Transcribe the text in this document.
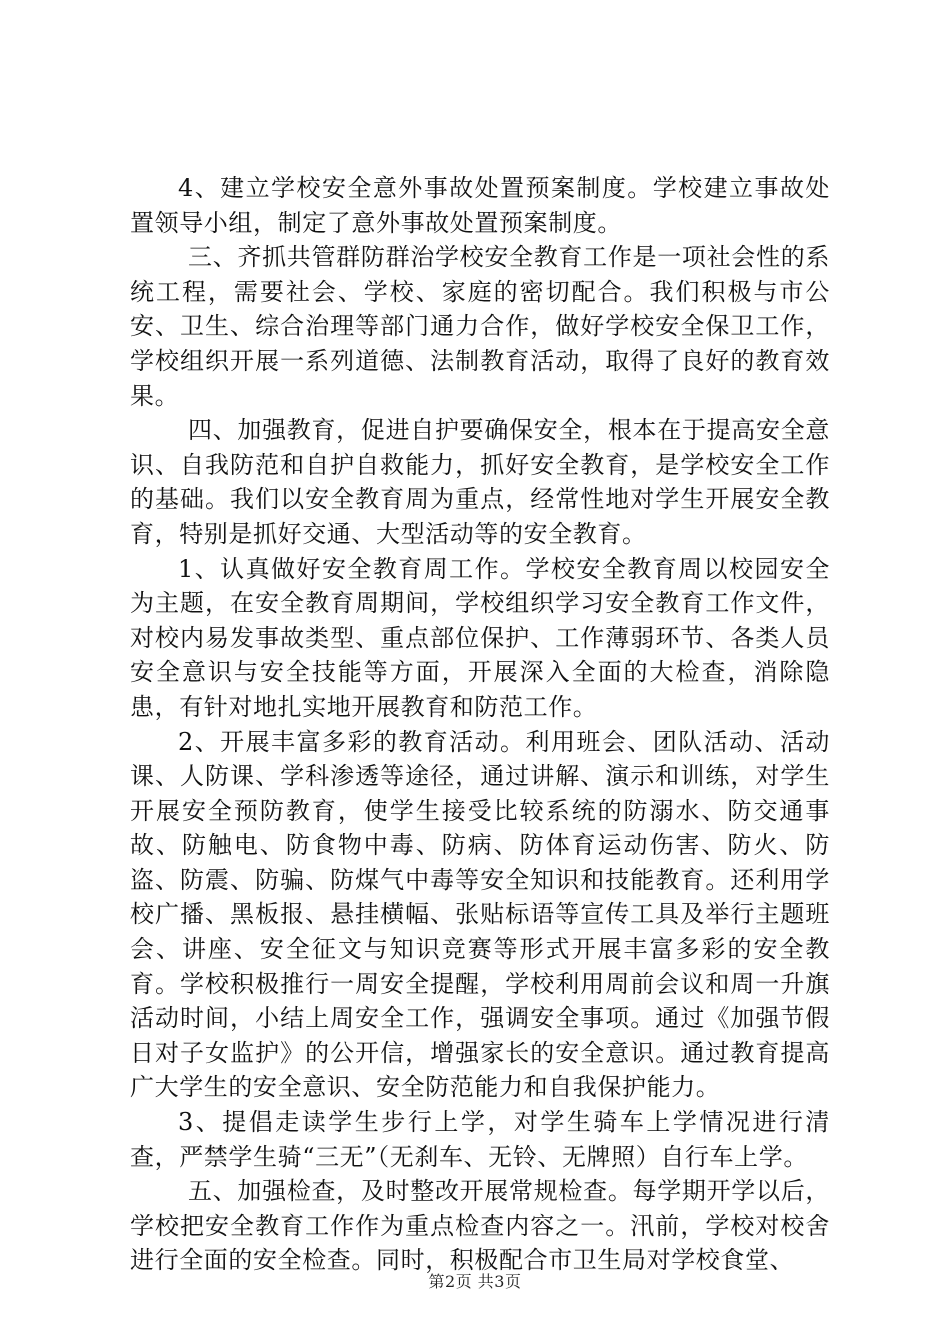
4、建立学校安全意外事故处置预案制度。学校建立事故处置领导小组，制定了意外事故处置预案制度。

三、齐抓共管群防群治学校安全教育工作是一项社会性的系统工程，需要社会、学校、家庭的密切配合。我们积极与市公安、卫生、综合治理等部门通力合作，做好学校安全保卫工作，学校组织开展一系列道德、法制教育活动，取得了良好的教育效果。

四、加强教育，促进自护要确保安全，根本在于提高安全意识、自我防范和自护自救能力，抓好安全教育，是学校安全工作的基础。我们以安全教育周为重点，经常性地对学生开展安全教育，特别是抓好交通、大型活动等的安全教育。

1、认真做好安全教育周工作。学校安全教育周以校园安全为主题，在安全教育周期间，学校组织学习安全教育工作文件，对校内易发事故类型、重点部位保护、工作薄弱环节、各类人员安全意识与安全技能等方面，开展深入全面的大检查，消除隐患，有针对地扎实地开展教育和防范工作。

2、开展丰富多彩的教育活动。利用班会、团队活动、活动课、人防课、学科渗透等途径，通过讲解、演示和训练，对学生开展安全预防教育，使学生接受比较系统的防溺水、防交通事故、防触电、防食物中毒、防病、防体育运动伤害、防火、防盗、防震、防骗、防煤气中毒等安全知识和技能教育。还利用学校广播、黑板报、悬挂横幅、张贴标语等宣传工具及举行主题班会、讲座、安全征文与知识竞赛等形式开展丰富多彩的安全教育。学校积极推行一周安全提醒，学校利用周前会议和周一升旗活动时间，小结上周安全工作，强调安全事项。通过《加强节假日对子女监护》的公开信，增强家长的安全意识。通过教育提高广大学生的安全意识、安全防范能力和自我保护能力。

3、提倡走读学生步行上学，对学生骑车上学情况进行清查，严禁学生骑“三无”（无刹车、无铃、无牌照）自行车上学。

五、加强检查，及时整改开展常规检查。每学期开学以后，学校把安全教育工作作为重点检查内容之一。汛前，学校对校舍进行全面的安全检查。同时，积极配合市卫生局对学校食堂、

第2页 共3页
